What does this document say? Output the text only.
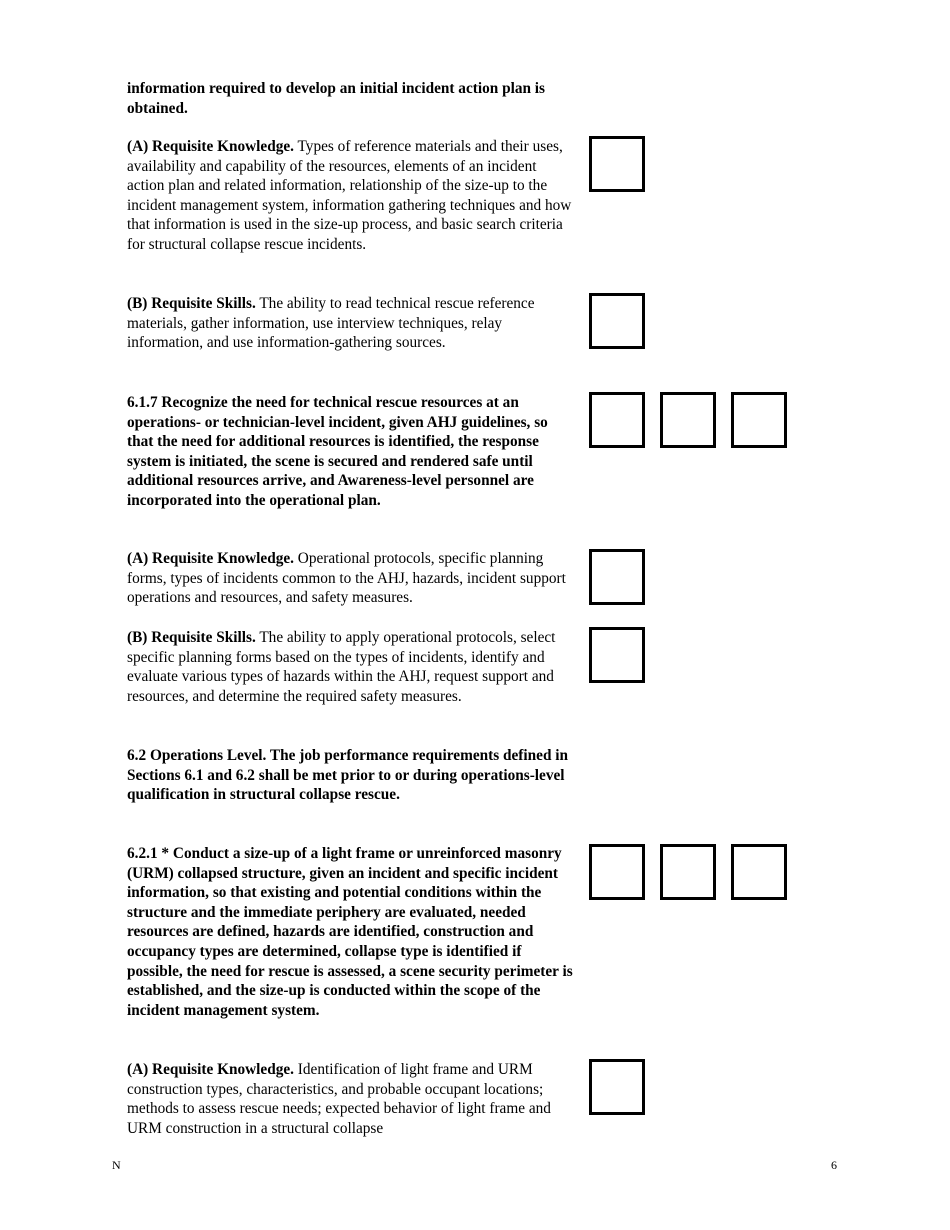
information required to develop an initial incident action plan is obtained.
(A) Requisite Knowledge. Types of reference materials and their uses, availability and capability of the resources, elements of an incident action plan and related information, relationship of the size-up to the incident management system, information gathering techniques and how that information is used in the size-up process, and basic search criteria for structural collapse rescue incidents.
(B) Requisite Skills. The ability to read technical rescue reference materials, gather information, use interview techniques, relay information, and use information-gathering sources.
6.1.7 Recognize the need for technical rescue resources at an operations- or technician-level incident, given AHJ guidelines, so that the need for additional resources is identified, the response system is initiated, the scene is secured and rendered safe until additional resources arrive, and Awareness-level personnel are incorporated into the operational plan.
(A) Requisite Knowledge. Operational protocols, specific planning forms, types of incidents common to the AHJ, hazards, incident support operations and resources, and safety measures.
(B) Requisite Skills. The ability to apply operational protocols, select specific planning forms based on the types of incidents, identify and evaluate various types of hazards within the AHJ, request support and resources, and determine the required safety measures.
6.2 Operations Level. The job performance requirements defined in Sections 6.1 and 6.2 shall be met prior to or during operations-level qualification in structural collapse rescue.
6.2.1 * Conduct a size-up of a light frame or unreinforced masonry (URM) collapsed structure, given an incident and specific incident information, so that existing and potential conditions within the structure and the immediate periphery are evaluated, needed resources are defined, hazards are identified, construction and occupancy types are determined, collapse type is identified if possible, the need for rescue is assessed, a scene security perimeter is established, and the size-up is conducted within the scope of the incident management system.
(A) Requisite Knowledge. Identification of light frame and URM construction types, characteristics, and probable occupant locations; methods to assess rescue needs; expected behavior of light frame and URM construction in a structural collapse
N	6
